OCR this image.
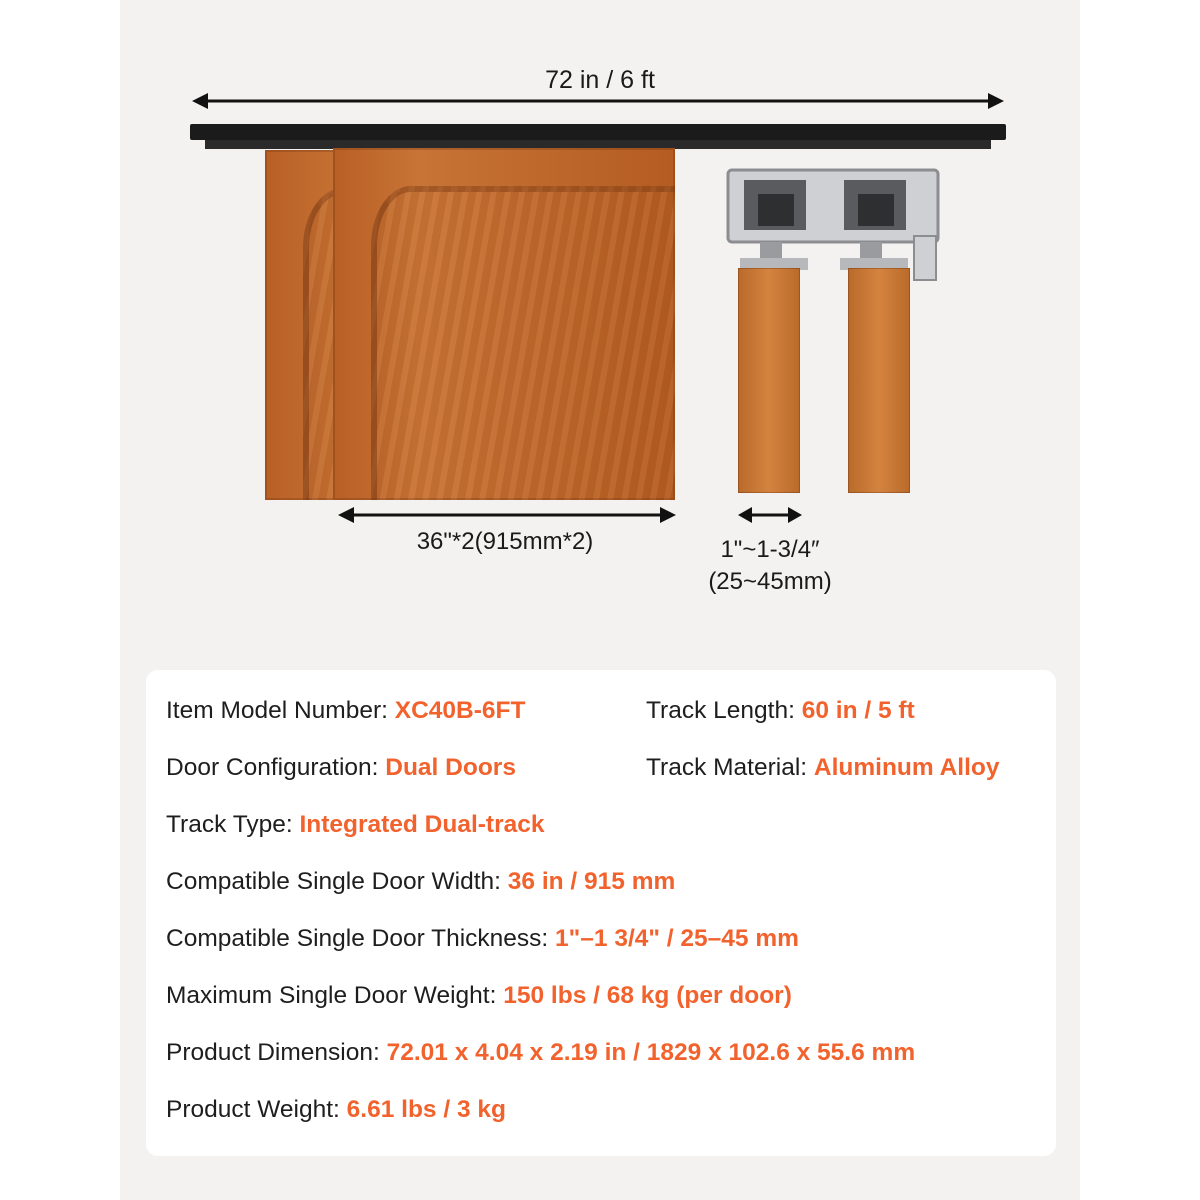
72 in / 6 ft
36"*2(915mm*2)	1"~1-3/4″
(25~45mm)
Item Model Number: XC40B-6FT	Track Length: 60 in / 5 ft
Door Configuration: Dual Doors	Track Material: Aluminum Alloy
Track Type: Integrated Dual-track
Compatible Single Door Width: 36 in / 915 mm
Compatible Single Door Thickness: 1"–1 3/4" / 25–45 mm
Maximum Single Door Weight: 150 lbs / 68 kg (per door)
Product Dimension: 72.01 x 4.04 x 2.19 in / 1829 x 102.6 x 55.6 mm
Product Weight: 6.61 lbs / 3 kg
